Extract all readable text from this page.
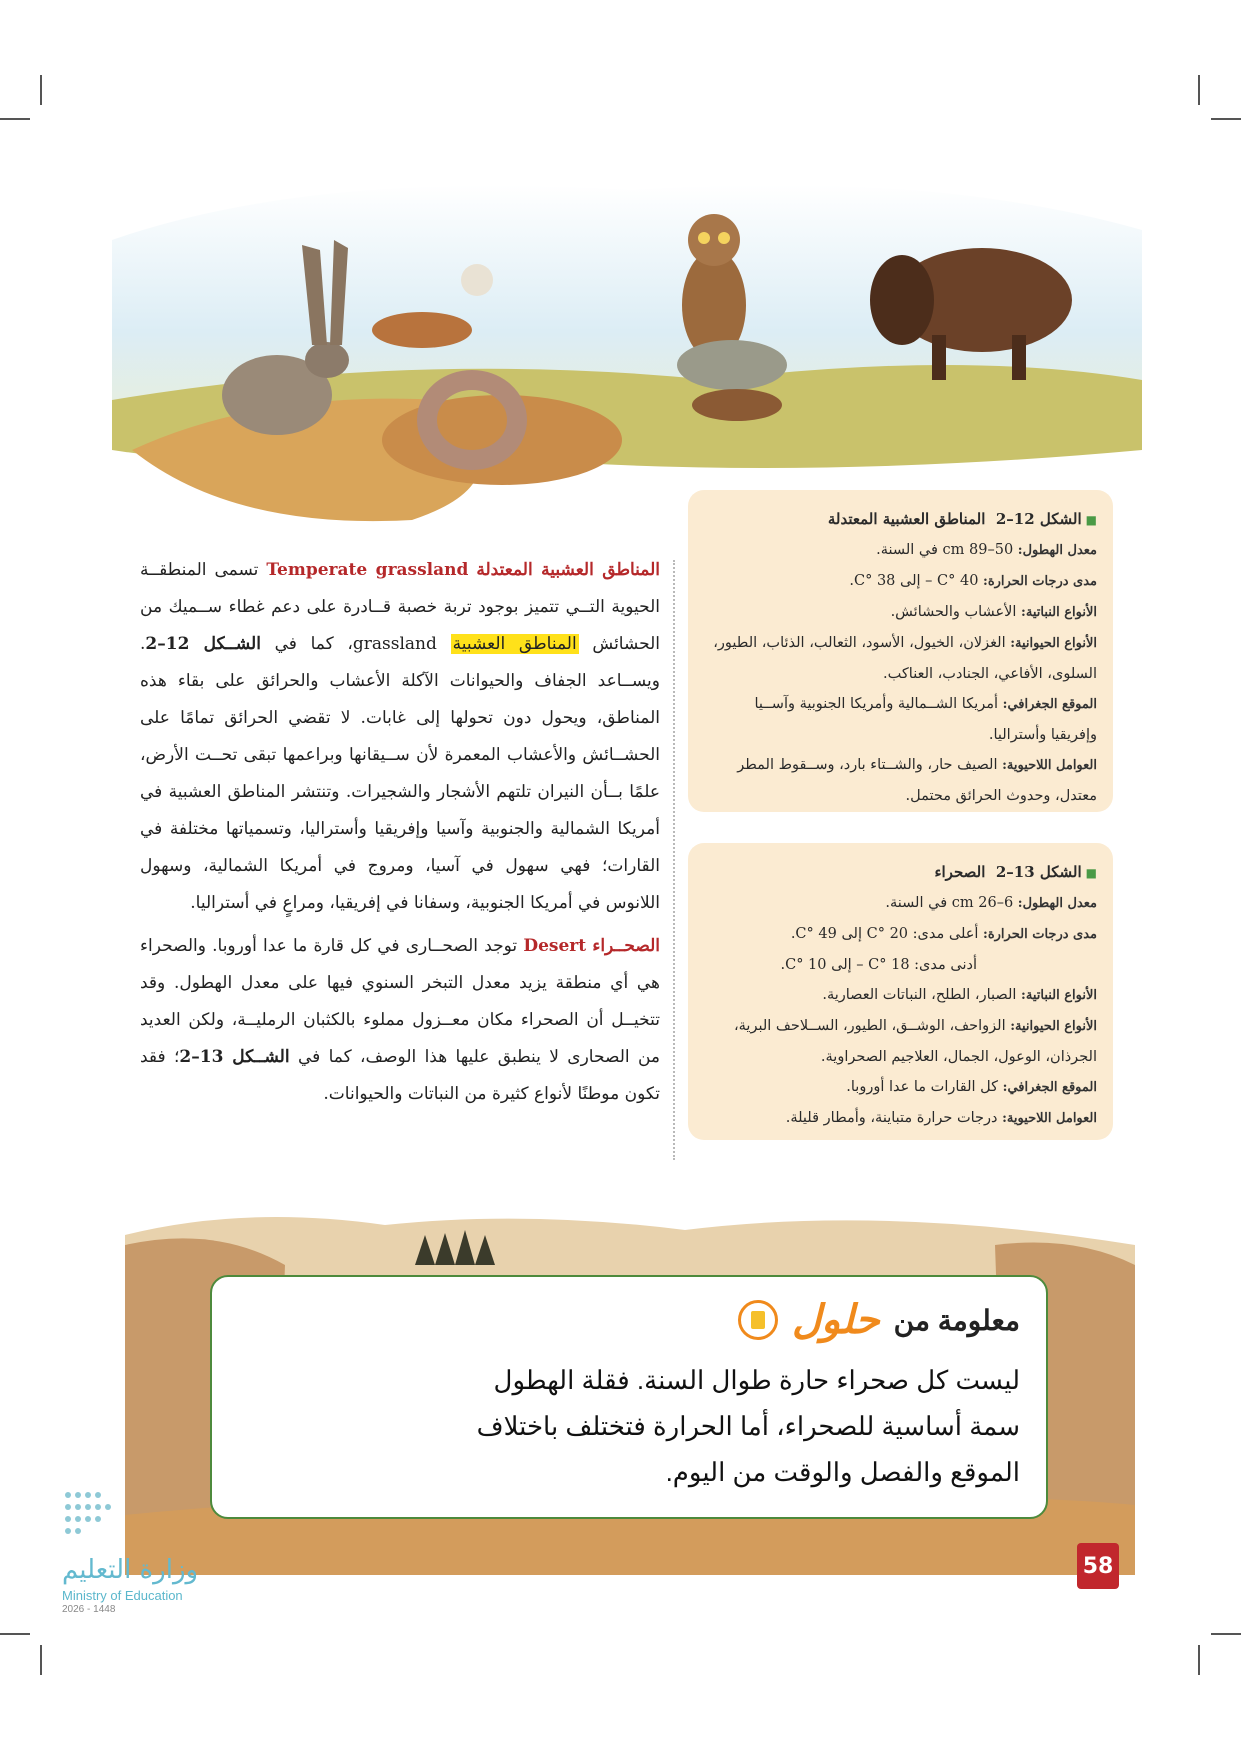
المناطق العشبية المعتدلة Temperate grassland تسمى المنطقــة الحيوية التــي تتميز بوجود تربة خصبة قــادرة على دعم غطاء ســميك من الحشائش المناطق العشبية grassland، كما في الشــكل 12–2. ويســاعد الجفاف والحيوانات الآكلة الأعشاب والحرائق على بقاء هذه المناطق، ويحول دون تحولها إلى غابات. لا تقضي الحرائق تمامًا على الحشــائش والأعشاب المعمرة لأن ســيقانها وبراعمها تبقى تحــت الأرض، علمًا بــأن النيران تلتهم الأشجار والشجيرات. وتنتشر المناطق العشبية في أمريكا الشمالية والجنوبية وآسيا وإفريقيا وأستراليا، وتسمياتها مختلفة في القارات؛ فهي سهول في آسيا، ومروج في أمريكا الشمالية، وسهول اللانوس في أمريكا الجنوبية، وسفانا في إفريقيا، ومراعٍ في أستراليا.

الصحــراء Desert توجد الصحــارى في كل قارة ما عدا أوروبا. والصحراء هي أي منطقة يزيد معدل التبخر السنوي فيها على معدل الهطول. وقد تتخيــل أن الصحراء مكان معــزول مملوء بالكثبان الرمليــة، ولكن العديد من الصحارى لا ينطبق عليها هذا الوصف، كما في الشــكل 13–2؛ فقد تكون موطنًا لأنواع كثيرة من النباتات والحيوانات.

■الشكل 12–2  المناطق العشبية المعتدلة
معدل الهطول: 50–89 cm في السنة.
مدى درجات الحرارة: 40 °C – إلى 38 °C.
الأنواع النباتية: الأعشاب والحشائش.
الأنواع الحيوانية: الغزلان، الخيول، الأسود، الثعالب، الذئاب، الطيور، السلوى، الأفاعي، الجنادب، العناكب.
الموقع الجغرافي: أمريكا الشــمالية وأمريكا الجنوبية وآســيا وإفريقيا وأستراليا.
العوامل اللاحيوية: الصيف حار، والشــتاء بارد، وســقوط المطر معتدل، وحدوث الحرائق محتمل.
■الشكل 13–2  الصحراء
معدل الهطول: 6–26 cm في السنة.
مدى درجات الحرارة: أعلى مدى: 20 °C إلى 49 °C.
أدنى مدى: 18 °C – إلى 10 °C.
الأنواع النباتية: الصبار، الطلح، النباتات العصارية.
الأنواع الحيوانية: الزواحف، الوشــق، الطيور، الســلاحف البرية، الجرذان، الوعول، الجمال، العلاجيم الصحراوية.
الموقع الجغرافي: كل القارات ما عدا أوروبا.
العوامل اللاحيوية: درجات حرارة متباينة، وأمطار قليلة.
معلومة من
حلول
ليست كل صحراء حارة طوال السنة. فقلة الهطول سمة أساسية للصحراء، أما الحرارة فتختلف باختلاف الموقع والفصل والوقت من اليوم.
وزارة التعليم
Ministry of Education
2026 - 1448
58
